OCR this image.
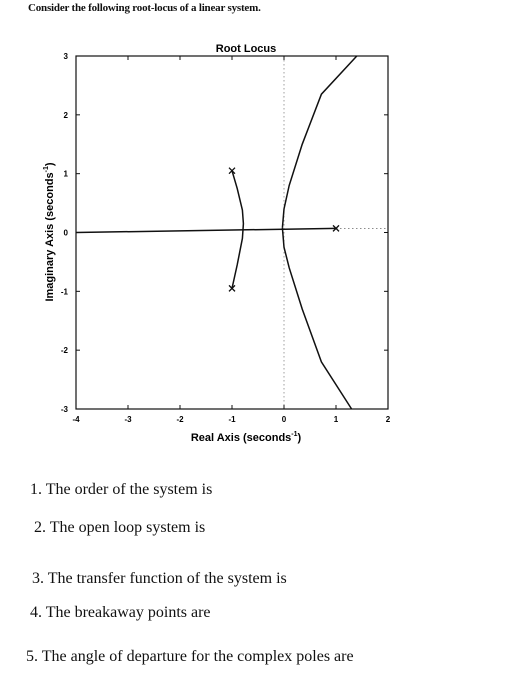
Consider the following root-locus of a linear system.
Root Locus
-4	-3	-2	-1	0	1	2
-3
-2
-1
0
1
2
3
Real Axis (seconds$^{-1}$)
Imaginary Axis (seconds$^{-1}$)
1. The order of the system is
2. The open loop system is
3. The transfer function of the system is
4. The breakaway points are
5. The angle of departure for the complex poles are
